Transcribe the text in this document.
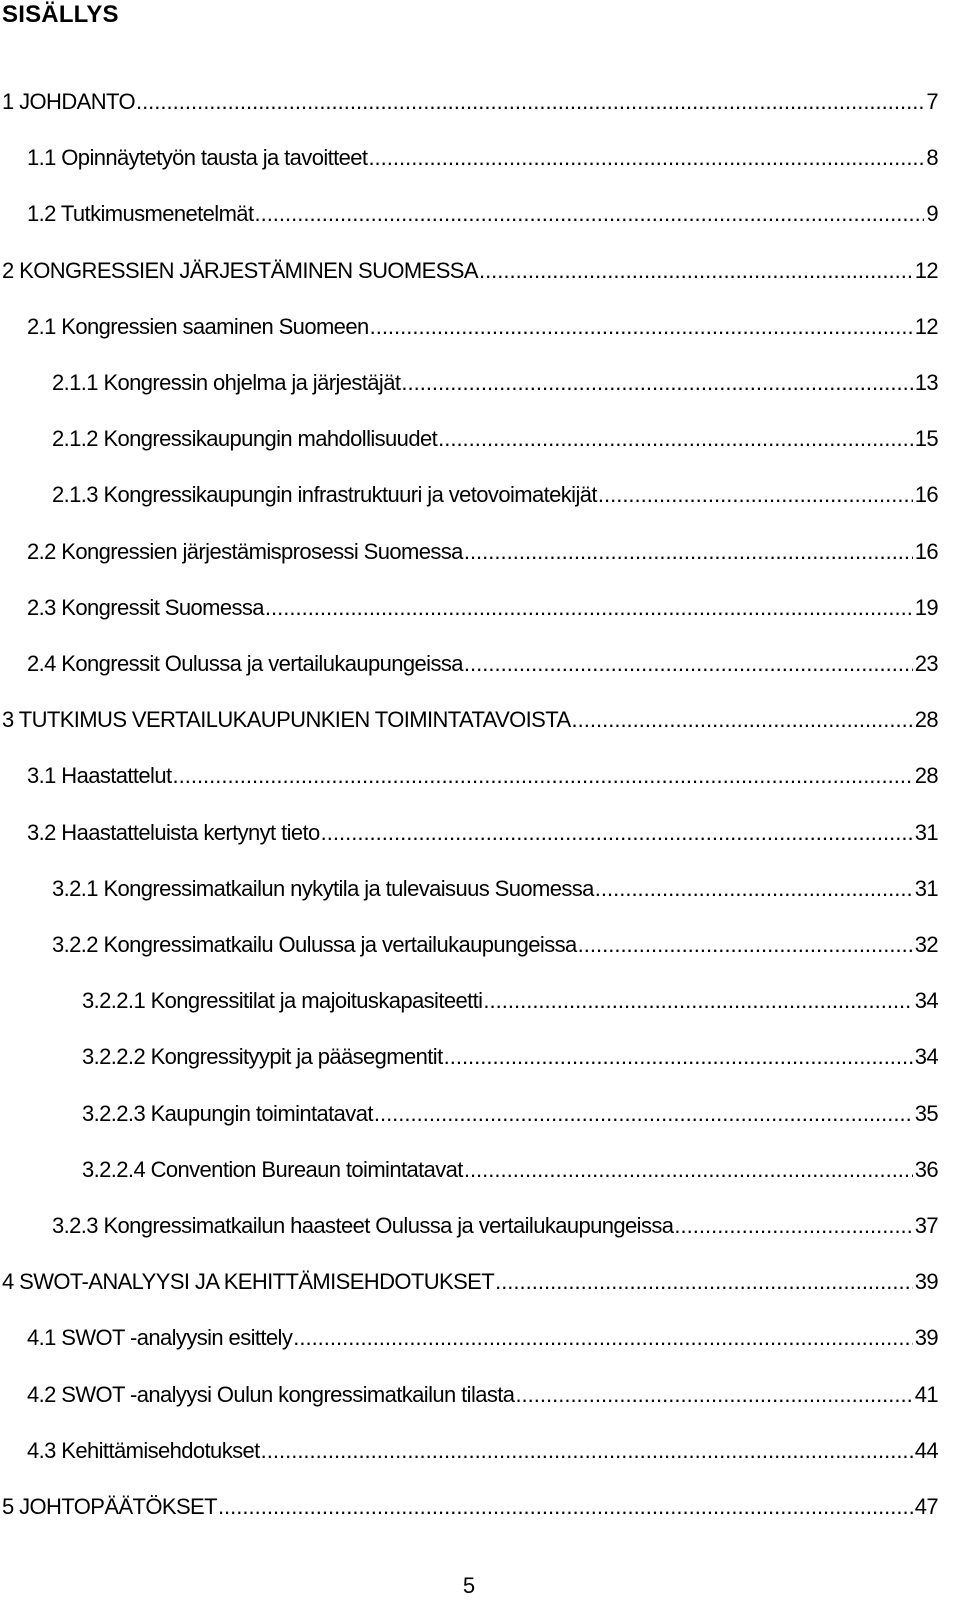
SISÄLLYS
1 JOHDANTO .....	7
1.1 Opinnäytetyön tausta ja tavoitteet .....	8
1.2 Tutkimusmenetelmät .....	9
2 KONGRESSIEN JÄRJESTÄMINEN SUOMESSA .....	12
2.1 Kongressien saaminen Suomeen .....	12
2.1.1 Kongressin ohjelma ja järjestäjät .....	13
2.1.2 Kongressikaupungin mahdollisuudet .....	15
2.1.3 Kongressikaupungin infrastruktuuri ja vetovoimatekijät .....	16
2.2 Kongressien järjestämisprosessi Suomessa .....	16
2.3 Kongressit Suomessa .....	19
2.4 Kongressit Oulussa ja vertailukaupungeissa .....	23
3 TUTKIMUS VERTAILUKAUPUNKIEN TOIMINTATAVOISTA .....	28
3.1 Haastattelut .....	28
3.2 Haastatteluista kertynyt tieto .....	31
3.2.1 Kongressimatkailun nykytila ja tulevaisuus Suomessa .....	31
3.2.2 Kongressimatkailu Oulussa ja vertailukaupungeissa .....	32
3.2.2.1 Kongressitilat ja majoituskapasiteetti .....	34
3.2.2.2 Kongressityypit ja pääsegmentit .....	34
3.2.2.3 Kaupungin toimintatavat .....	35
3.2.2.4 Convention Bureaun toimintatavat .....	36
3.2.3 Kongressimatkailun haasteet Oulussa ja vertailukaupungeissa .....	37
4 SWOT-ANALYYSI JA KEHITTÄMISEHDOTUKSET .....	39
4.1 SWOT -analyysin esittely .....	39
4.2 SWOT -analyysi Oulun kongressimatkailun tilasta .....	41
4.3 Kehittämisehdotukset .....	44
5 JOHTOPÄÄTÖKSET .....	47
5
